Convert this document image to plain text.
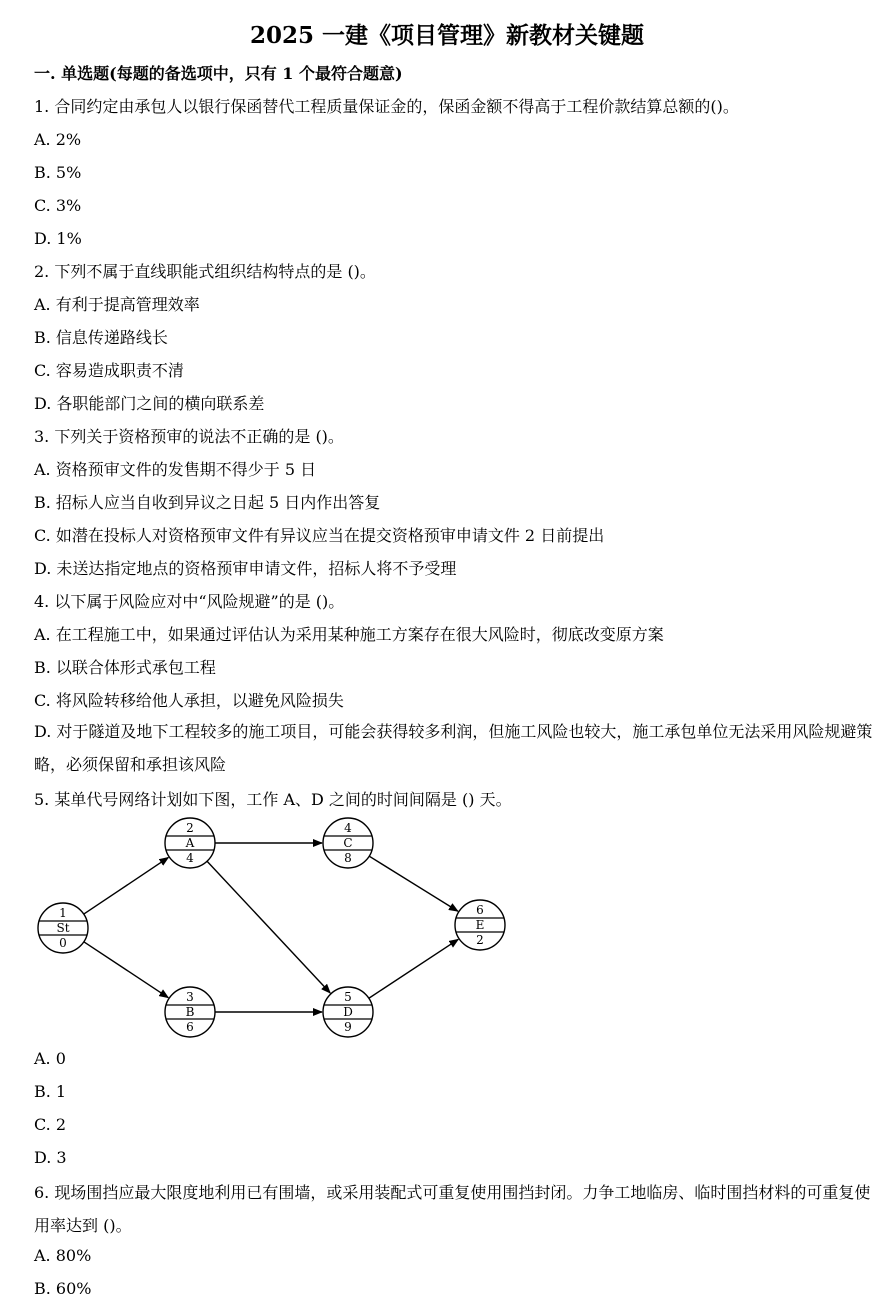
2025 一建《项目管理》新教材关键题

一. 单选题(每题的备选项中，只有 1 个最符合题意)

1. 合同约定由承包人以银行保函替代工程质量保证金的，保函金额不得高于工程价款结算总额的()。

A. 2%

B. 5%

C. 3%

D. 1%

2. 下列不属于直线职能式组织结构特点的是 ()。

A. 有利于提高管理效率

B. 信息传递路线长

C. 容易造成职责不清

D. 各职能部门之间的横向联系差

3. 下列关于资格预审的说法不正确的是 ()。

A. 资格预审文件的发售期不得少于 5 日

B. 招标人应当自收到异议之日起 5 日内作出答复

C. 如潜在投标人对资格预审文件有异议应当在提交资格预审申请文件 2 日前提出

D. 未送达指定地点的资格预审申请文件，招标人将不予受理

4. 以下属于风险应对中“风险规避”的是 ()。

A. 在工程施工中，如果通过评估认为采用某种施工方案存在很大风险时，彻底改变原方案

B. 以联合体形式承包工程

C. 将风险转移给他人承担，以避免风险损失

D. 对于隧道及地下工程较多的施工项目，可能会获得较多利润，但施工风险也较大，施工承包单位无法采用风险规避策略，必须保留和承担该风险

5. 某单代号网络计划如下图，工作 A、D 之间的时间间隔是 () 天。

1
St
0
2
A
4
3
B
6
4
C
8
5
D
9
6
E
2

A. 0

B. 1

C. 2

D. 3

6. 现场围挡应最大限度地利用已有围墙，或采用装配式可重复使用围挡封闭。力争工地临房、临时围挡材料的可重复使用率达到 ()。

A. 80%

B. 60%
